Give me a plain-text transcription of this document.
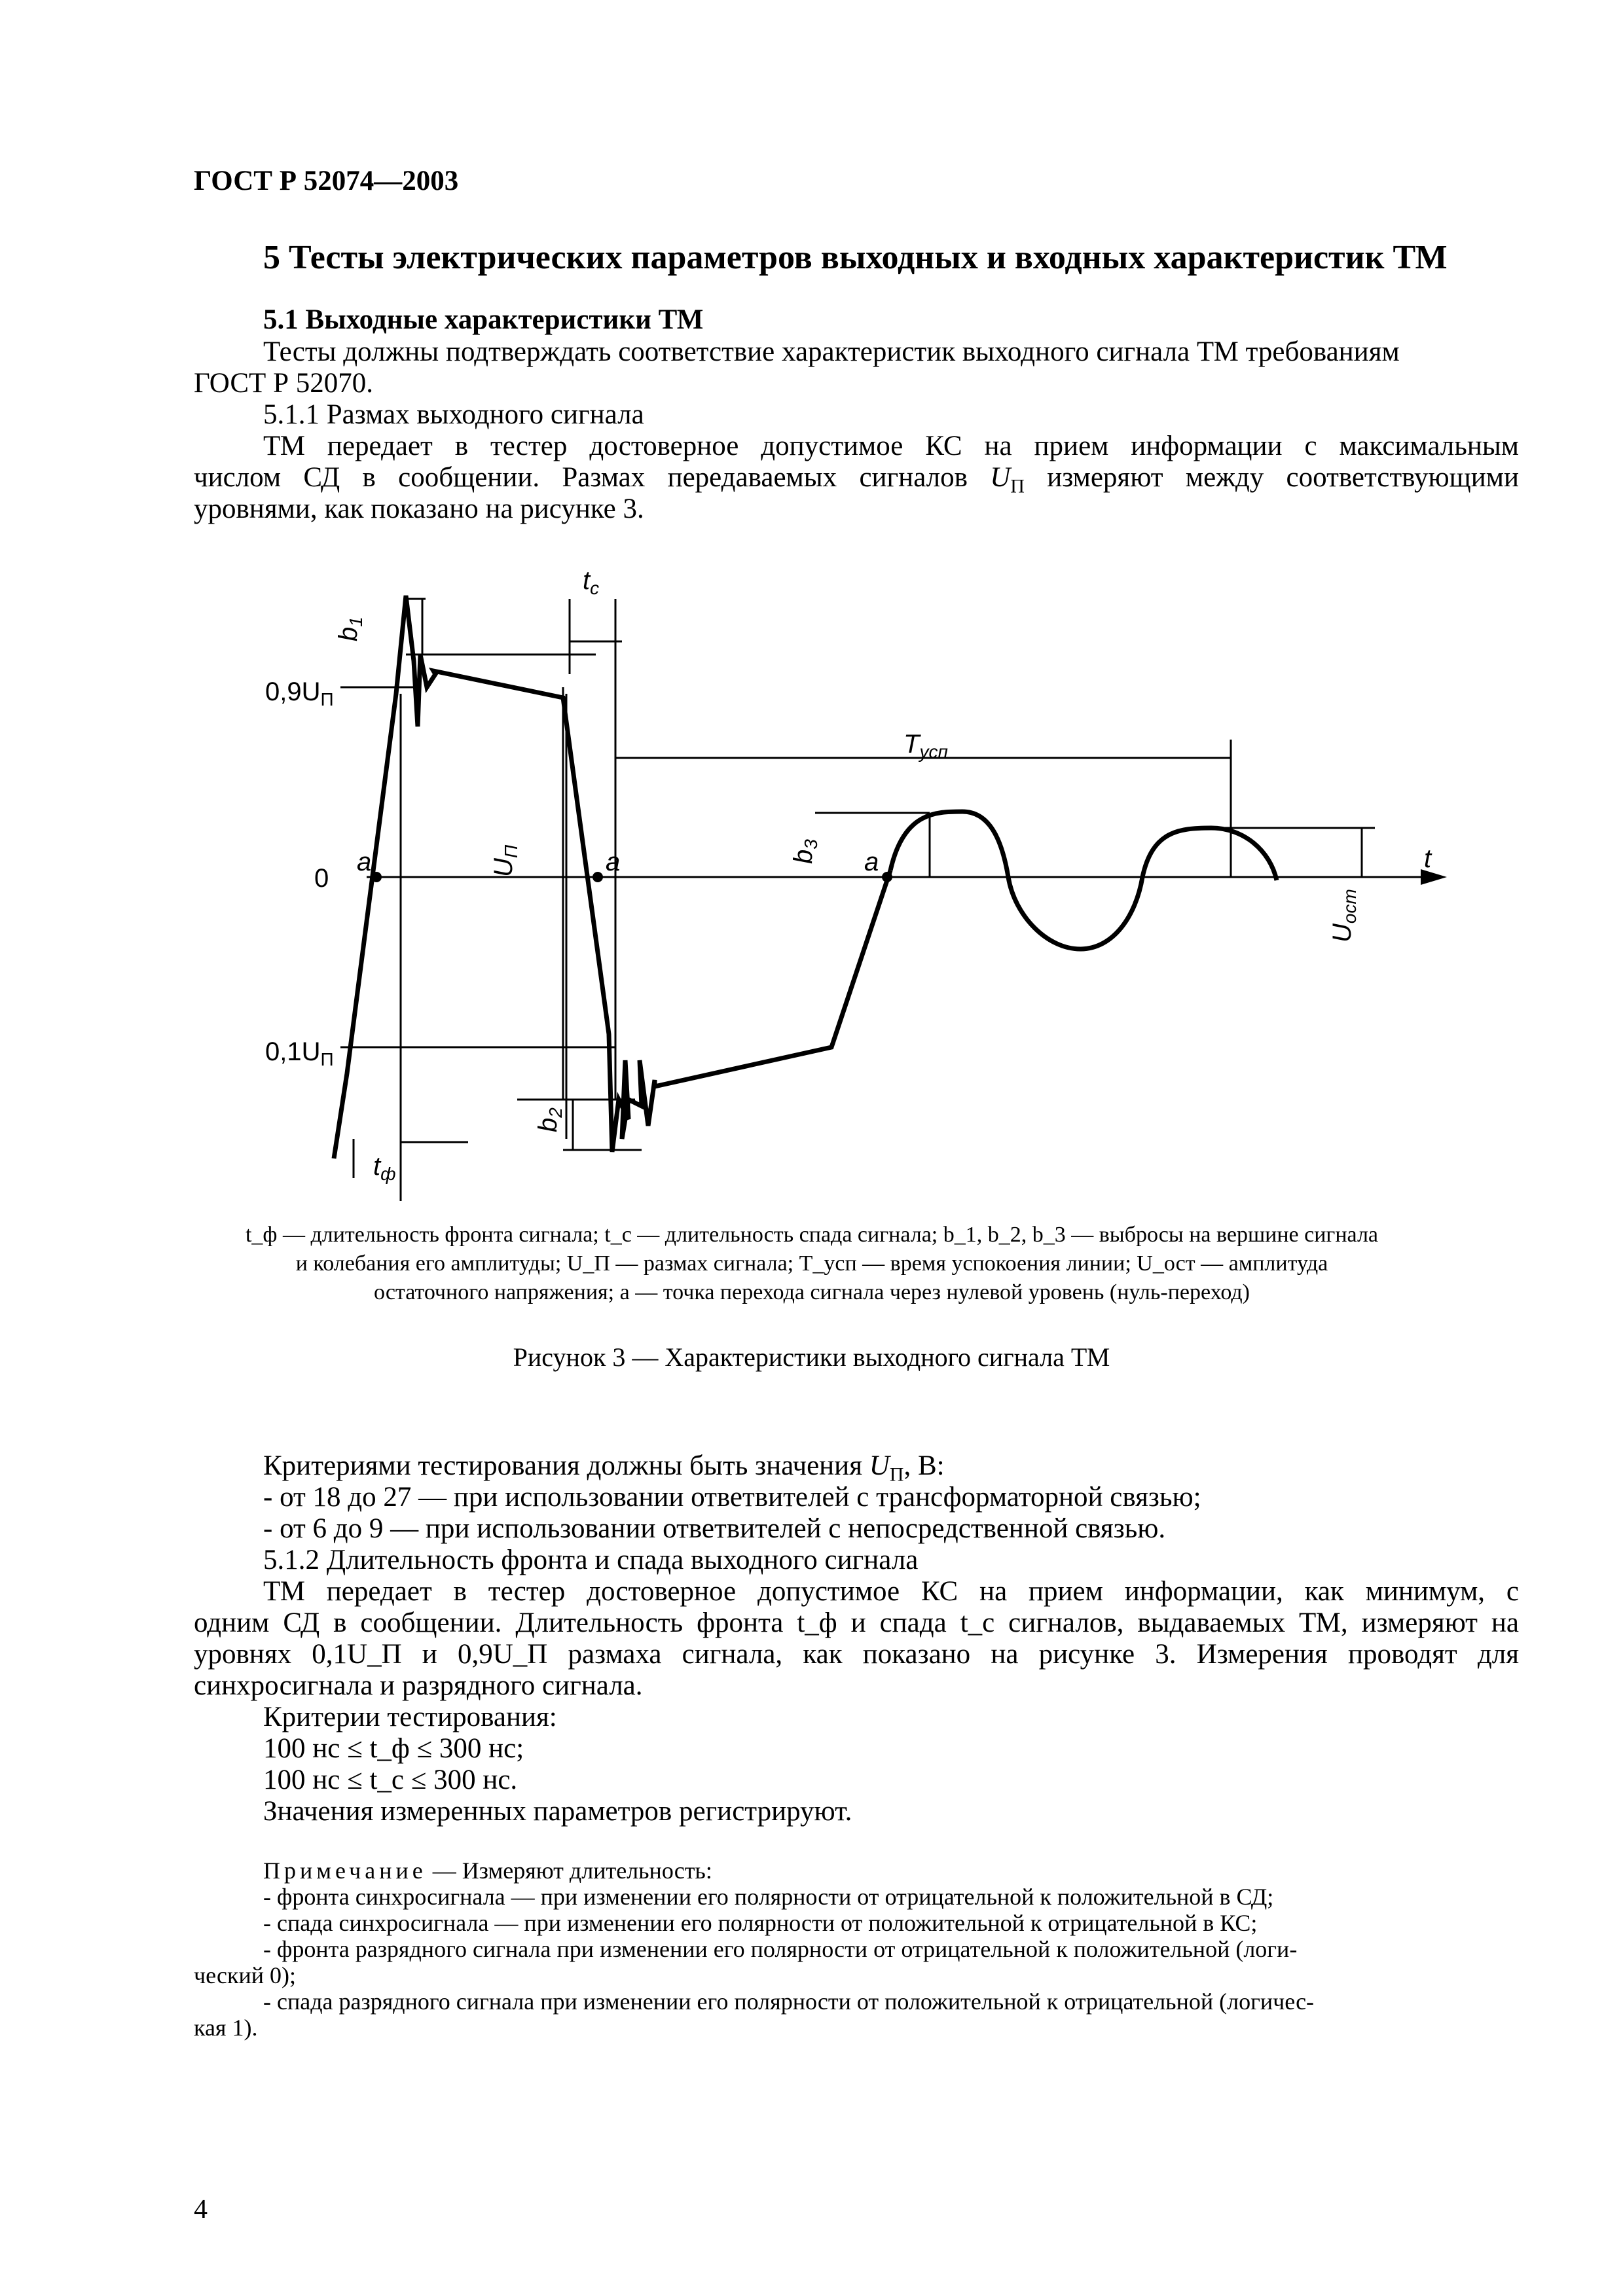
ГОСТ Р 52074—2003
5 Тесты электрических параметров выходных и входных характеристик ТМ
5.1 Выходные характеристики ТМ
Тесты должны подтверждать соответствие характеристик выходного сигнала ТМ требованиям
ГОСТ Р 52070.
5.1.1 Размах выходного сигнала
ТМ передает в тестер достоверное допустимое КС на прием информации с максимальным
числом СД в сообщении. Размах передаваемых сигналов $U_П$ измеряют между соответствующими
уровнями, как показано на рисунке 3.
$0,9U_П$
$0,1U_П$
0
a	a	a	t
$t_c$
$t_ф$
$T_{усп}$
$b_1$
$b_2$
$b_3$
$U_П$
$U_{ост}$
t_ф — длительность фронта сигнала; t_c — длительность спада сигнала; b_1, b_2, b_3 — выбросы на вершине сигнала
и колебания его амплитуды; U_П — размах сигнала; T_усп — время успокоения линии; U_ост — амплитуда
остаточного напряжения; a — точка перехода сигнала через нулевой уровень (нуль-переход)
Рисунок 3 — Характеристики выходного сигнала ТМ
Критериями тестирования должны быть значения $U_П$, В:
- от 18 до 27 — при использовании ответвителей с трансформаторной связью;
- от 6 до 9 — при использовании ответвителей с непосредственной связью.
5.1.2 Длительность фронта и спада выходного сигнала
ТМ передает в тестер достоверное допустимое КС на прием информации, как минимум, с
одним СД в сообщении. Длительность фронта t_ф и спада t_c сигналов, выдаваемых ТМ, измеряют на
уровнях 0,1U_П и 0,9U_П размаха сигнала, как показано на рисунке 3. Измерения проводят для
синхросигнала и разрядного сигнала.
Критерии тестирования:
100 нс ≤ t_ф ≤ 300 нс;
100 нс ≤ t_c ≤ 300 нс.
Значения измеренных параметров регистрируют.
Примечание — Измеряют длительность:
- фронта синхросигнала — при изменении его полярности от отрицательной к положительной в СД;
- спада синхросигнала — при изменении его полярности от положительной к отрицательной в КС;
- фронта разрядного сигнала при изменении его полярности от отрицательной к положительной (логи-
ческий 0);
- спада разрядного сигнала при изменении его полярности от положительной к отрицательной (логичес-
кая 1).
4
